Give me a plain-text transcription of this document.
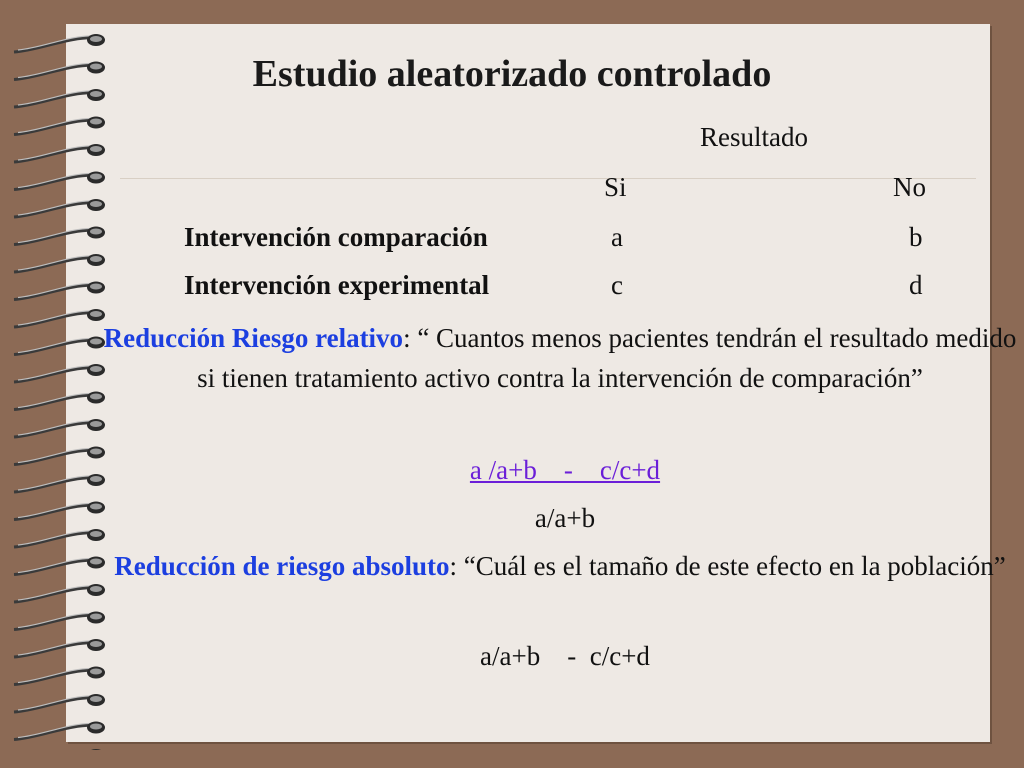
Estudio aleatorizado controlado
Resultado
Si	No
Intervención comparación	a	b
Intervención experimental	c	d
Reducción Riesgo relativo: “ Cuantos menos pacientes tendrán el resultado medido si tienen tratamiento activo contra la intervención de comparación”
a /a+b    -    c/c+d
a/a+b
Reducción de riesgo absoluto: “Cuál es el tamaño de este efecto en la población”
a/a+b    -  c/c+d
